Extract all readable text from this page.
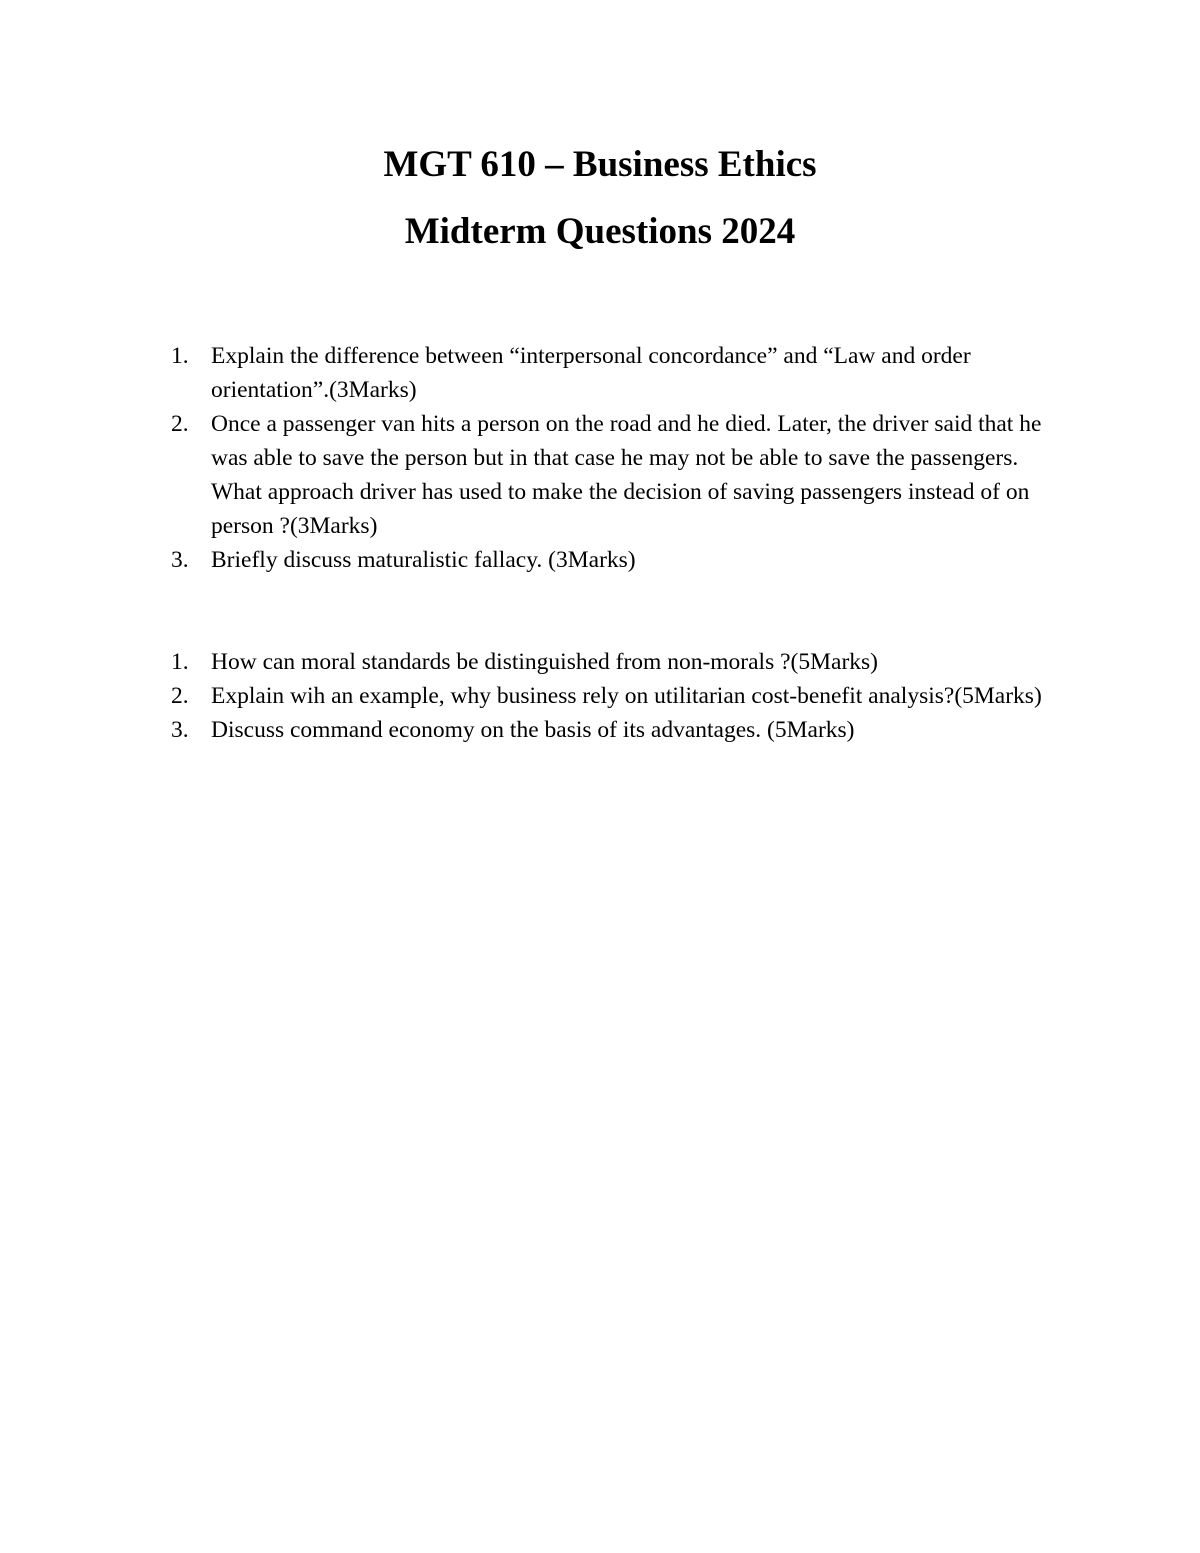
MGT 610 – Business Ethics
Midterm Questions 2024
1. Explain the difference between “interpersonal concordance” and “Law and order orientation”.(3Marks)
2. Once a passenger van hits a person on the road and he died. Later, the driver said that he was able to save the person but in that case he may not be able to save the passengers. What approach driver has used to make the decision of saving passengers instead of on person ?(3Marks)
3. Briefly discuss maturalistic fallacy. (3Marks)
1. How can moral standards be distinguished from non-morals ?(5Marks)
2. Explain wih an example, why business rely on utilitarian cost-benefit analysis?(5Marks)
3. Discuss command economy on the basis of its advantages. (5Marks)
